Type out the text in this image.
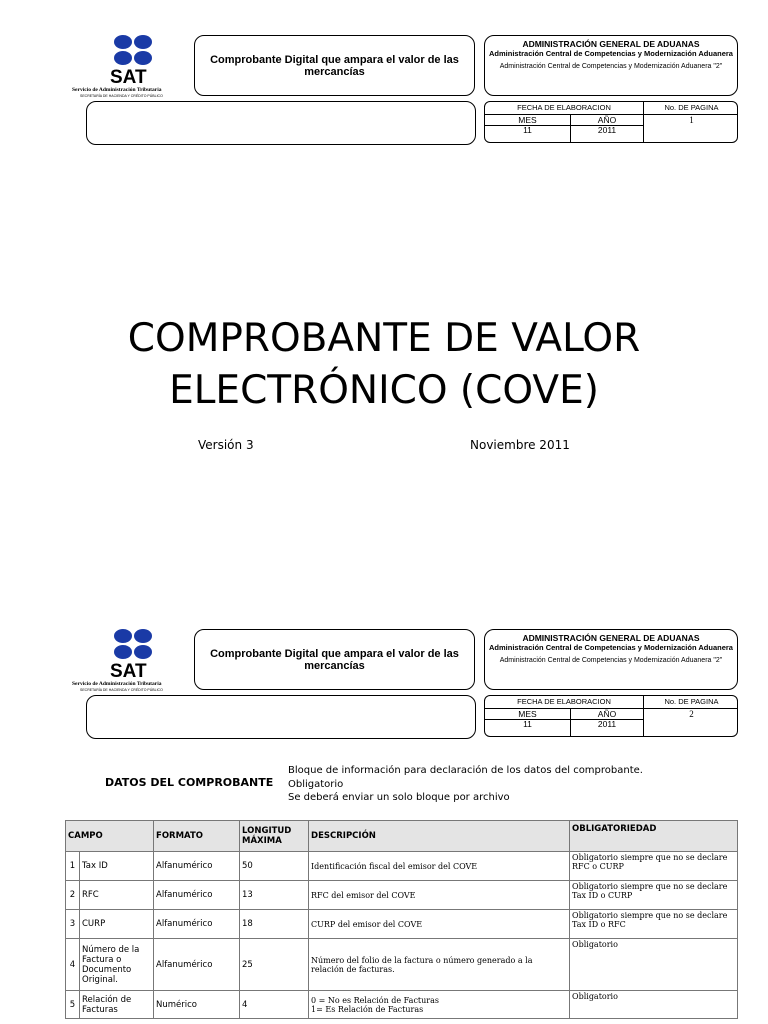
SAT
Servicio de Administración Tributaria
SECRETARÍA DE HACIENDA Y CRÉDITO PÚBLICO
Comprobante Digital que ampara el valor de las mercancías
ADMINISTRACIÓN GENERAL DE ADUANAS
Administración Central de Competencias y Modernización Aduanera
Administración Central de Competencias y Modernización Aduanera "2"
FECHA DE ELABORACION	No. DE PAGINA
MES
11
AÑO
2011
1
COMPROBANTE DE VALOR
ELECTRÓNICO (COVE)
Versión 3	Noviembre 2011
SAT
Servicio de Administración Tributaria
SECRETARÍA DE HACIENDA Y CRÉDITO PÚBLICO
Comprobante Digital que ampara el valor de las mercancías
ADMINISTRACIÓN GENERAL DE ADUANAS
Administración Central de Competencias y Modernización Aduanera
Administración Central de Competencias y Modernización Aduanera "2"
FECHA DE ELABORACION	No. DE PAGINA
MES
11
AÑO
2011
2
DATOS DEL COMPROBANTE
Bloque de información para declaración de los datos del comprobante.
Obligatorio
Se deberá enviar un solo bloque por archivo
CAMPO		FORMATO	LONGITUD MÁXIMA	DESCRIPCIÓN	OBLIGATORIEDAD
1	Tax ID	Alfanumérico	50	Identificación fiscal del emisor del COVE	Obligatorio siempre que no se declare RFC o CURP
2	RFC	Alfanumérico	13	RFC del emisor del COVE	Obligatorio siempre que no se declare Tax ID o CURP
3	CURP	Alfanumérico	18	CURP del emisor del COVE	Obligatorio siempre que no se declare Tax ID o RFC
4	Número de la Factura o Documento Original.	Alfanumérico	25	Número del folio de la factura o número generado a la relación de facturas.	Obligatorio
5	Relación de Facturas	Numérico	4	0 = No es Relación de Facturas
1= Es Relación de Facturas	Obligatorio
